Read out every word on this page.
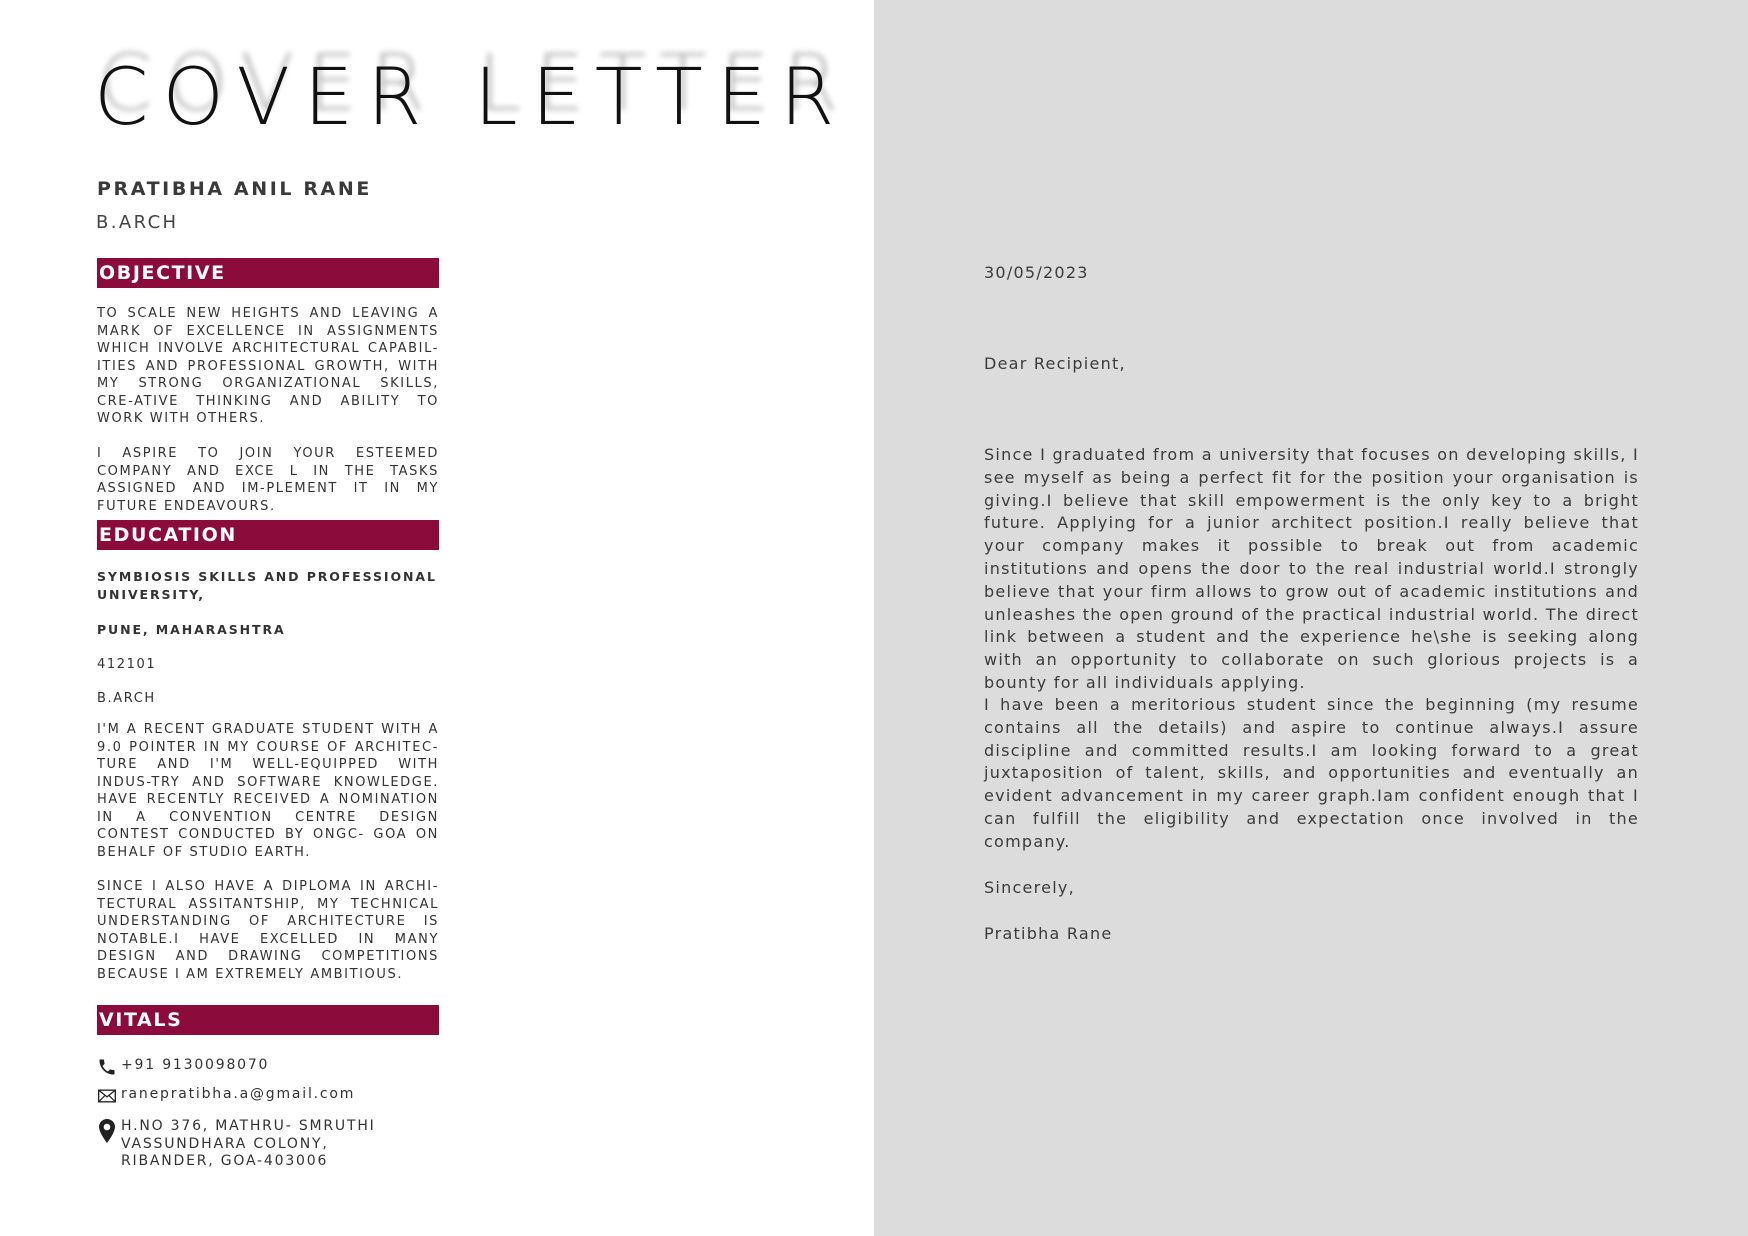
COVER LETTER
PRATIBHA ANIL RANE
B.ARCH
OBJECTIVE

TO SCALE NEW HEIGHTS AND LEAVING A MARK OF EXCELLENCE IN ASSIGNMENTS WHICH INVOLVE ARCHITECTURAL CAPABIL-ITIES AND PROFESSIONAL GROWTH, WITH MY STRONG ORGANIZATIONAL SKILLS, CRE-ATIVE THINKING AND ABILITY TO WORK WITH OTHERS.

I ASPIRE TO JOIN YOUR ESTEEMED COMPANY AND EXCE L IN THE TASKS ASSIGNED AND IM-PLEMENT IT IN MY FUTURE ENDEAVOURS.

EDUCATION
SYMBIOSIS SKILLS AND PROFESSIONAL UNIVERSITY,
PUNE, MAHARASHTRA
412101
B.ARCH

I'M A RECENT GRADUATE STUDENT WITH A 9.0 POINTER IN MY COURSE OF ARCHITEC-TURE AND I'M WELL-EQUIPPED WITH INDUS-TRY AND SOFTWARE KNOWLEDGE. HAVE RECENTLY RECEIVED A NOMINATION IN A CONVENTION CENTRE DESIGN CONTEST CONDUCTED BY ONGC- GOA ON BEHALF OF STUDIO EARTH.

SINCE I ALSO HAVE A DIPLOMA IN ARCHI-TECTURAL ASSITANTSHIP, MY TECHNICAL UNDERSTANDING OF ARCHITECTURE IS NOTABLE.I HAVE EXCELLED IN MANY DESIGN AND DRAWING COMPETITIONS BECAUSE I AM EXTREMELY AMBITIOUS.

VITALS
+91 9130098070
ranepratibha.a@gmail.com
H.NO 376, MATHRU- SMRUTHI
VASSUNDHARA COLONY,
RIBANDER, GOA-403006
30/05/2023
Dear Recipient,

Since I graduated from a university that focuses on developing skills, I see myself as being a perfect fit for the position your organisation is giving.I believe that skill empowerment is the only key to a bright future. Applying for a junior architect position.I really believe that your company makes it possible to break out from academic institutions and opens the door to the real industrial world.I strongly believe that your firm allows to grow out of academic institutions and unleashes the open ground of the practical industrial world. The direct link between a student and the experience he\she is seeking along with an opportunity to collaborate on such glorious projects is a bounty for all individuals applying.

I have been a meritorious student since the beginning (my resume contains all the details) and aspire to continue always.I assure discipline and committed results.I am looking forward to a great juxtaposition of talent, skills, and opportunities and eventually an evident advancement in my career graph.Iam confident enough that I can fulfill the eligibility and expectation once involved in the company.

Sincerely,
Pratibha Rane
